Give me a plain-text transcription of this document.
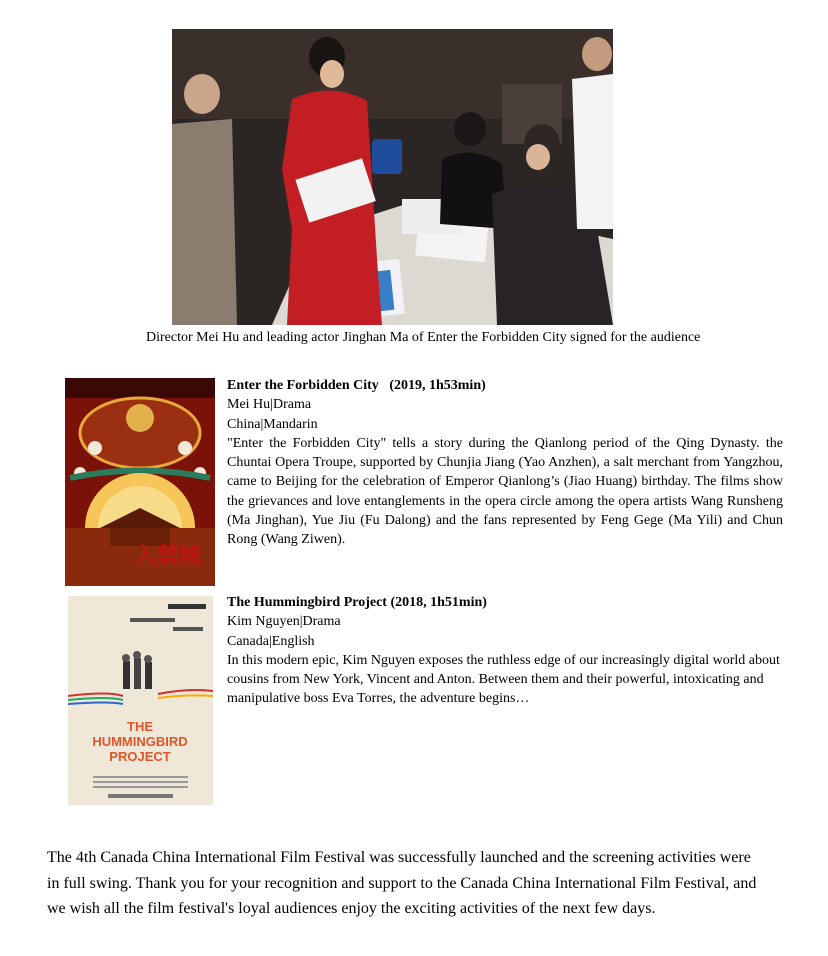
Director Mei Hu and leading actor Jinghan Ma of Enter the Forbidden City signed for the audience
入禁城
Enter the Forbidden City (2019, 1h53min)
Mei Hu|Drama
China|Mandarin
"Enter the Forbidden City" tells a story during the Qianlong period of the Qing Dynasty. the Chuntai Opera Troupe, supported by Chunjia Jiang (Yao Anzhen), a salt merchant from Yangzhou, came to Beijing for the celebration of Emperor Qianlong’s (Jiao Huang) birthday. The films show the grievances and love entanglements in the opera circle among the opera artists Wang Runsheng (Ma Jinghan), Yue Jiu (Fu Dalong) and the fans represented by Feng Gege (Ma Yili) and Chun Rong (Wang Ziwen).
THE
HUMMINGBIRD
PROJECT
The Hummingbird Project (2018, 1h51min)
Kim Nguyen|Drama
Canada|English
In this modern epic, Kim Nguyen exposes the ruthless edge of our increasingly digital world about cousins from New York, Vincent and Anton. Between them and their powerful, intoxicating and manipulative boss Eva Torres, the adventure begins…
The 4th Canada China International Film Festival was successfully launched and the screening activities were in full swing. Thank you for your recognition and support to the Canada China International Film Festival, and we wish all the film festival's loyal audiences enjoy the exciting activities of the next few days.
